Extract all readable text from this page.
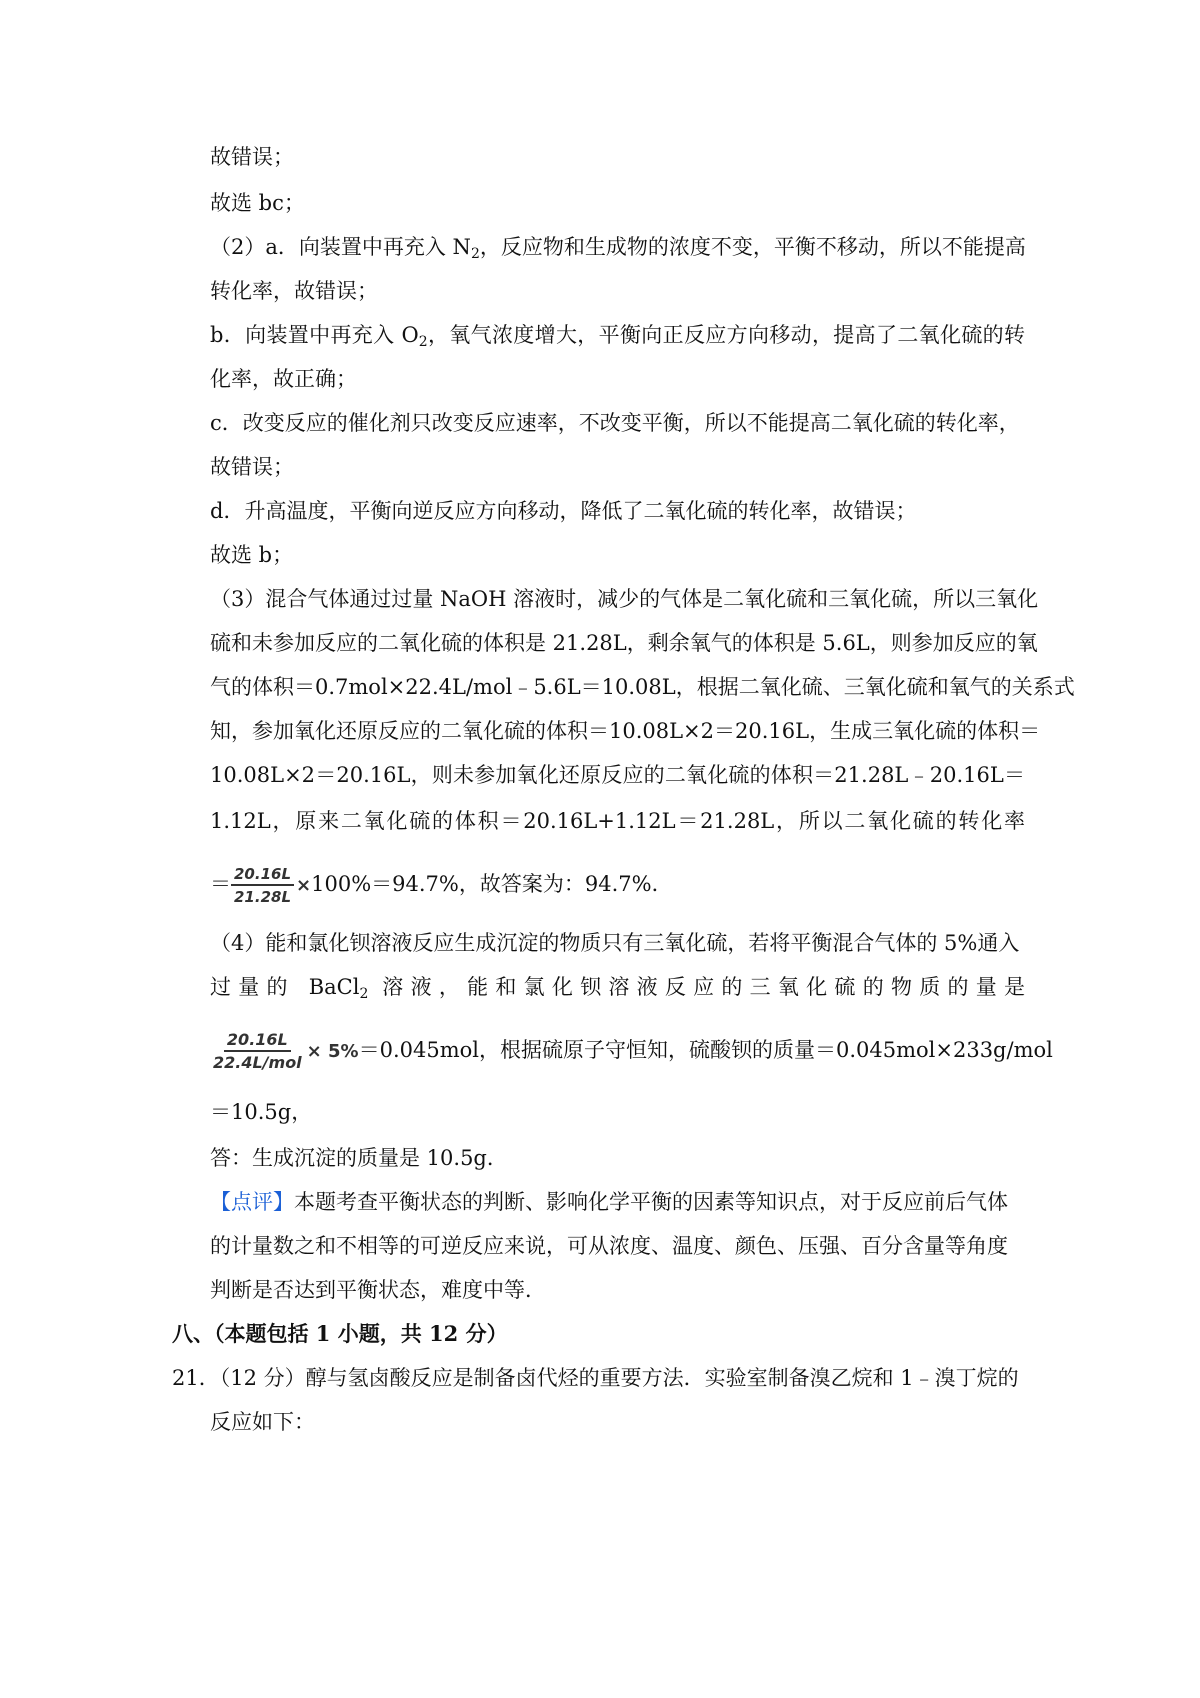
故错误；
故选 bc；
（2）a．向装置中再充入 $N_2$，反应物和生成物的浓度不变，平衡不移动，所以不能提高
转化率，故错误；
b．向装置中再充入 $O_2$，氧气浓度增大，平衡向正反应方向移动，提高了二氧化硫的转
化率，故正确；
c．改变反应的催化剂只改变反应速率，不改变平衡，所以不能提高二氧化硫的转化率，
故错误；
d．升高温度，平衡向逆反应方向移动，降低了二氧化硫的转化率，故错误；
故选 b；
（3）混合气体通过过量 NaOH 溶液时，减少的气体是二氧化硫和三氧化硫，所以三氧化
硫和未参加反应的二氧化硫的体积是 21.28L，剩余氧气的体积是 5.6L，则参加反应的氧
气的体积＝0.7mol×22.4L/mol﹣5.6L＝10.08L，根据二氧化硫、三氧化硫和氧气的关系式
知，参加氧化还原反应的二氧化硫的体积＝10.08L×2＝20.16L，生成三氧化硫的体积＝
10.08L×2＝20.16L，则未参加氧化还原反应的二氧化硫的体积＝21.28L﹣20.16L＝
1.12L，原来二氧化硫的体积＝20.16L+1.12L＝21.28L，所以二氧化硫的转化率
＝ $\frac{20.16L}{21.28L} \times 100\%=94.7\%$，故答案为：94.7%．
（4）能和氯化钡溶液反应生成沉淀的物质只有三氧化硫，若将平衡混合气体的 5%通入
过量的 BaCl$_2$ 溶液，能和氯化钡溶液反应的三氧化硫的物质的量是
$\frac{20.16L}{\text{22.4L/mol}} \times 5\%=0.045mol$，根据硫原子守恒知，硫酸钡的质量＝0.045mol×233g/mol
＝10.5g，
答：生成沉淀的质量是 10.5g．
【点评】本题考查平衡状态的判断、影响化学平衡的因素等知识点，对于反应前后气体
的计量数之和不相等的可逆反应来说，可从浓度、温度、颜色、压强、百分含量等角度
判断是否达到平衡状态，难度中等．
八、（本题包括 1 小题，共 12 分）
21．（12 分）醇与氢卤酸反应是制备卤代烃的重要方法．实验室制备溴乙烷和 1﹣溴丁烷的
反应如下：
